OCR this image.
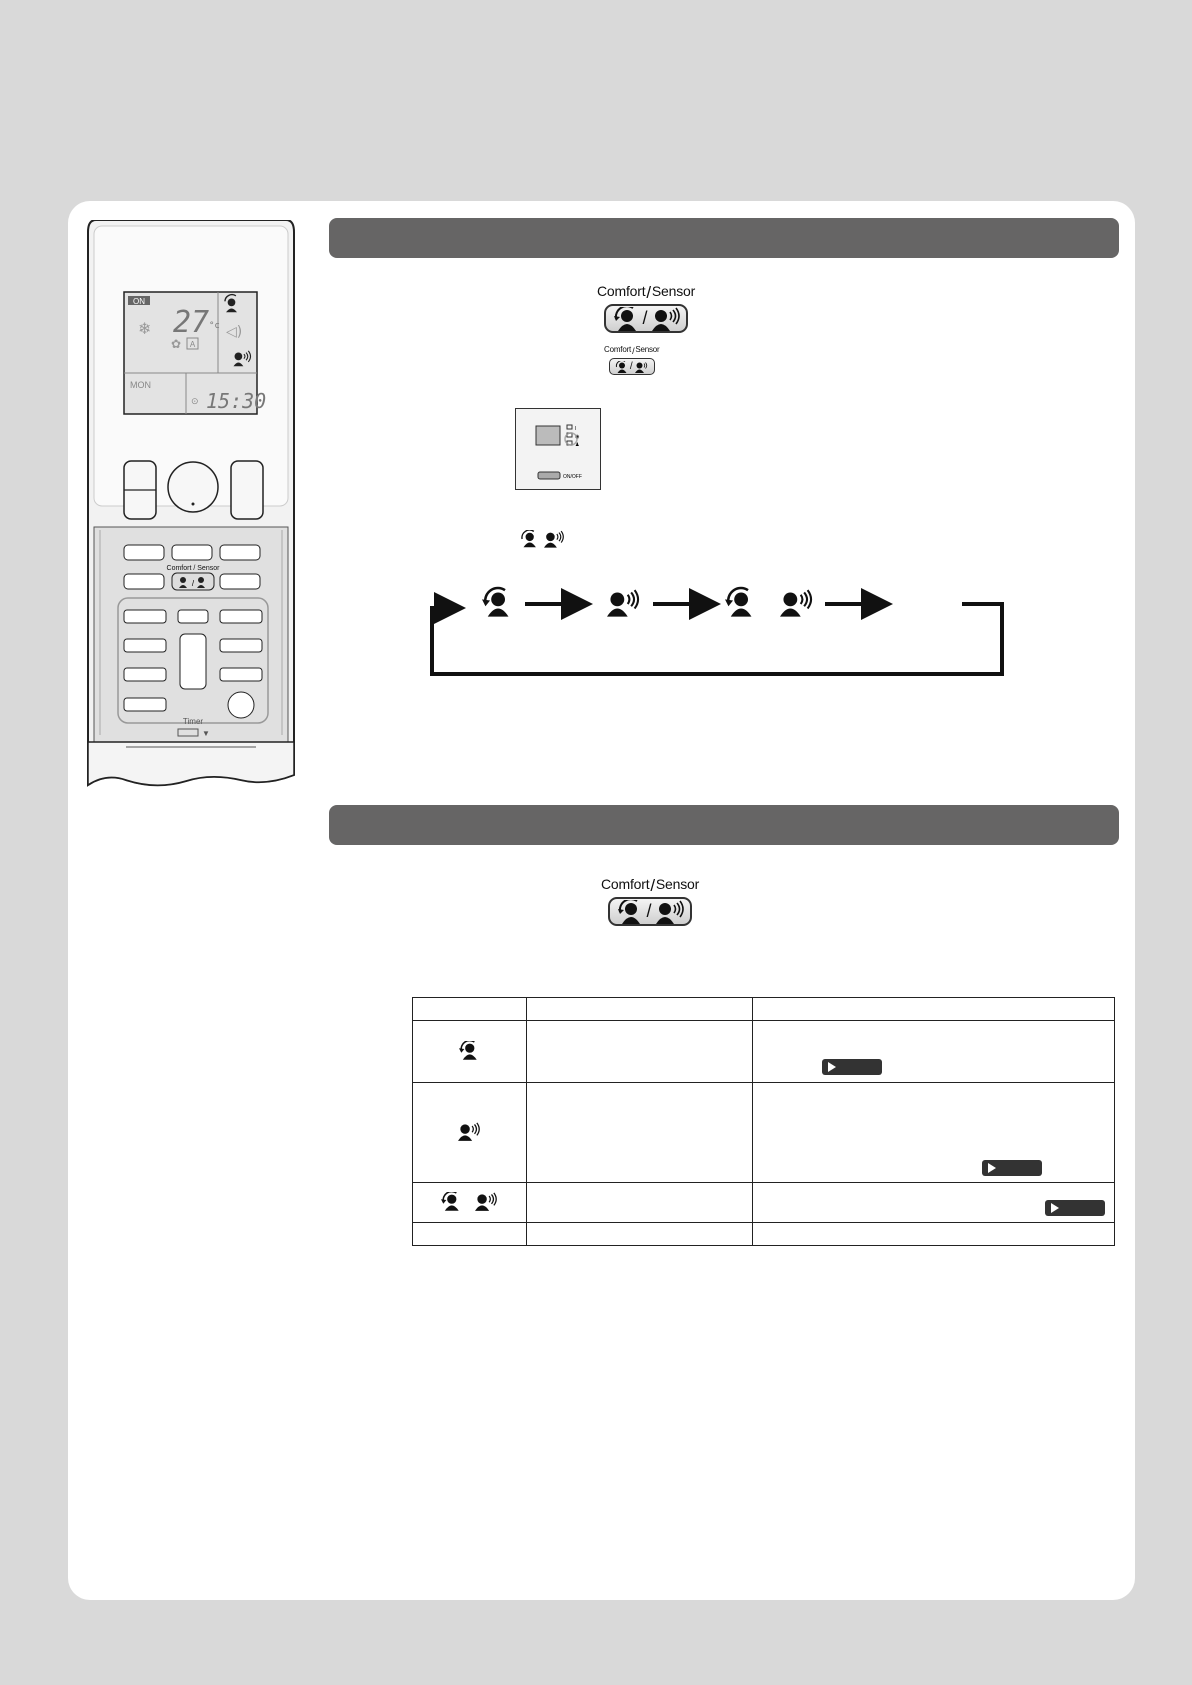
ON
❄ 27 °c
✿ A
◁)
MON
⊙ 15:30
Comfort / Sensor
/
Timer
▼
Comfort/Sensor
/
Comfort/Sensor
/
I
◉
♟
ON/OFF
Comfort/Sensor
/
